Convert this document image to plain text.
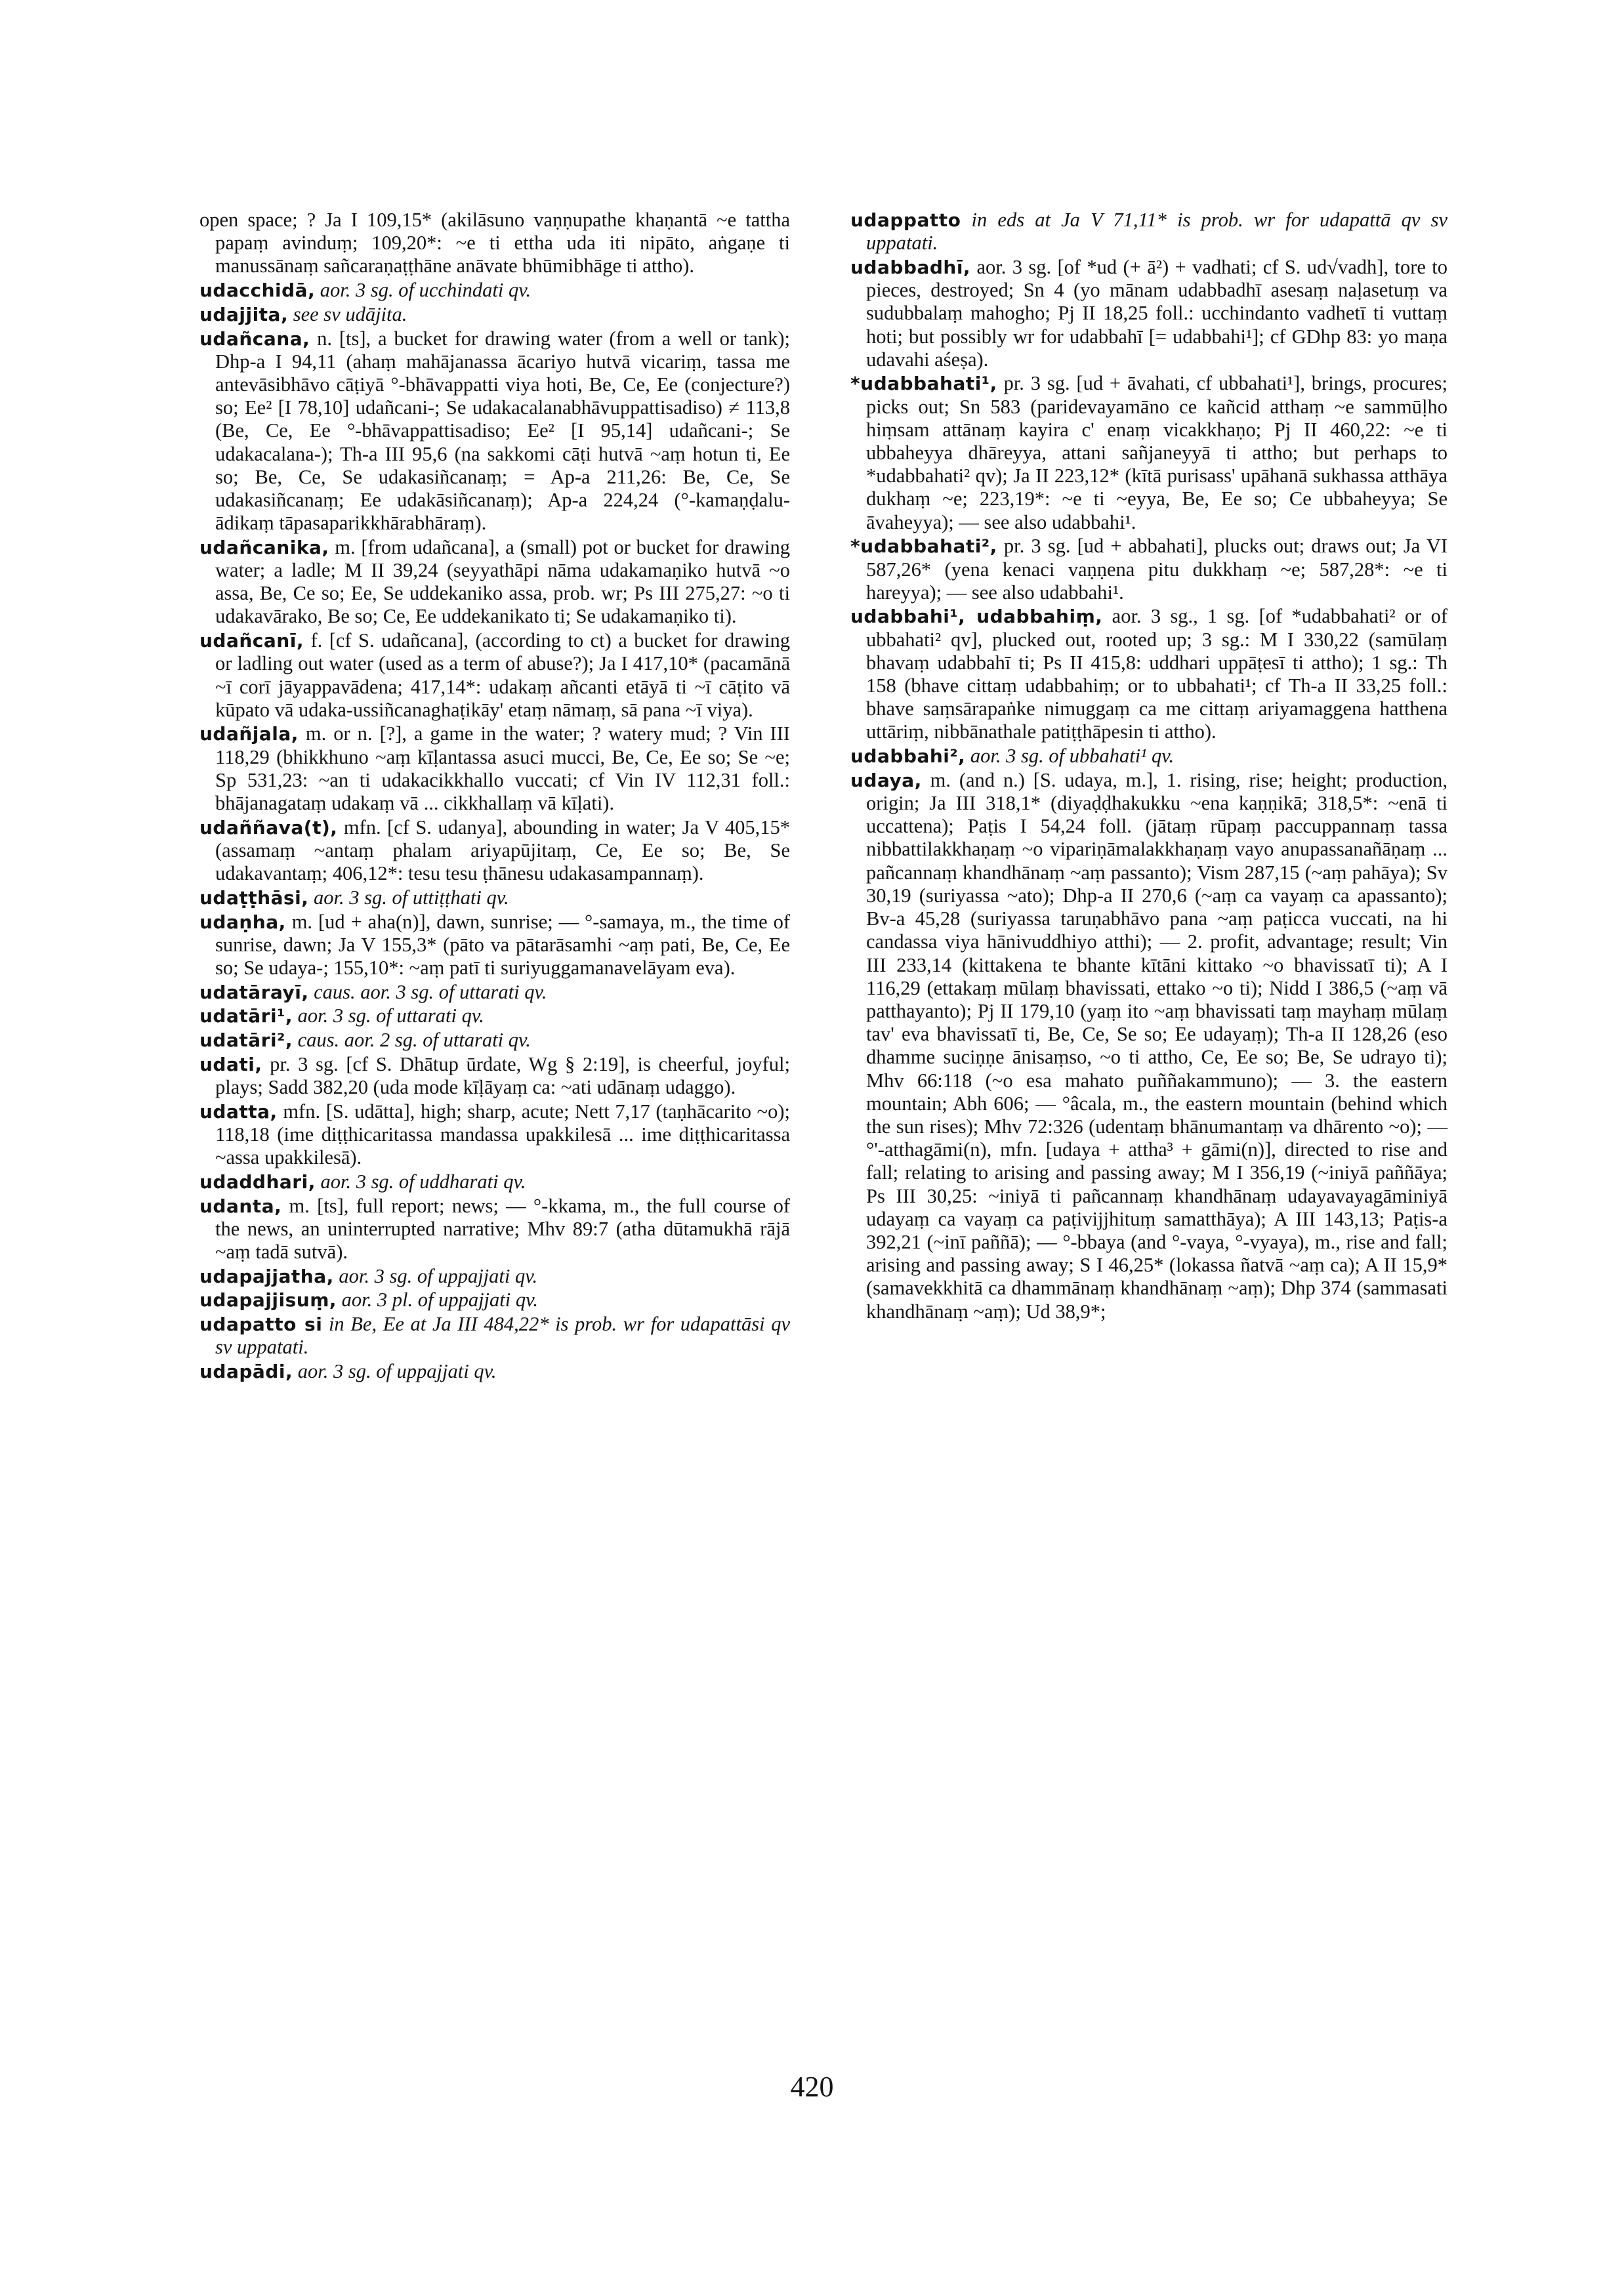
open space; ? Ja I 109,15* (akilāsuno vaṇṇupathe khaṇantā ~e tattha papaṃ avinduṃ; 109,20*: ~e ti ettha uda iti nipāto, aṅgaṇe ti manussānaṃ sañcaraṇaṭṭhāne anāvate bhūmibhāge ti attho).

udacchidā, aor. 3 sg. of ucchindati qv.

udajjita, see sv udājita.

udañcana, n. [ts], a bucket for drawing water (from a well or tank); Dhp-a I 94,11 (ahaṃ mahājanassa ācariyo hutvā vicariṃ, tassa me antevāsibhāvo cāṭiyā °-bhāvappatti viya hoti, Be, Ce, Ee (conjecture?) so; Ee² [I 78,10] udañcani-; Se udakacalanabhāvuppattisadiso) ≠ 113,8 (Be, Ce, Ee °-bhāvappattisadiso; Ee² [I 95,14] udañcani-; Se udakacalana-); Th-a III 95,6 (na sakkomi cāṭi hutvā ~aṃ hotun ti, Ee so; Be, Ce, Se udakasiñcanaṃ; = Ap-a 211,26: Be, Ce, Se udakasiñcanaṃ; Ee udakāsiñcanaṃ); Ap-a 224,24 (°-kamaṇḍalu-ādikaṃ tāpasaparikkhārabhāraṃ).

udañcanika, m. [from udañcana], a (small) pot or bucket for drawing water; a ladle; M II 39,24 (seyyathāpi nāma udakamaṇiko hutvā ~o assa, Be, Ce so; Ee, Se uddekaniko assa, prob. wr; Ps III 275,27: ~o ti udakavārako, Be so; Ce, Ee uddekanikato ti; Se udakamaṇiko ti).

udañcanī, f. [cf S. udañcana], (according to ct) a bucket for drawing or ladling out water (used as a term of abuse?); Ja I 417,10* (pacamānā ~ī corī jāyappavādena; 417,14*: udakaṃ añcanti etāyā ti ~ī cāṭito vā kūpato vā udaka-ussiñcanaghaṭikāy' etaṃ nāmaṃ, sā pana ~ī viya).

udañjala, m. or n. [?], a game in the water; ? watery mud; ? Vin III 118,29 (bhikkhuno ~aṃ kīḷantassa asuci mucci, Be, Ce, Ee so; Se ~e; Sp 531,23: ~an ti udakacikkhallo vuccati; cf Vin IV 112,31 foll.: bhājanagataṃ udakaṃ vā ... cikkhallaṃ vā kīḷati).

udaññava(t), mfn. [cf S. udanya], abounding in water; Ja V 405,15* (assamaṃ ~antaṃ phalam ariyapūjitaṃ, Ce, Ee so; Be, Se udakavantaṃ; 406,12*: tesu tesu ṭhānesu udakasampannaṃ).

udaṭṭhāsi, aor. 3 sg. of uttiṭṭhati qv.

udaṇha, m. [ud + aha(n)], dawn, sunrise; — °-samaya, m., the time of sunrise, dawn; Ja V 155,3* (pāto va pātarāsamhi ~aṃ pati, Be, Ce, Ee so; Se udaya-; 155,10*: ~aṃ patī ti suriyuggamanavelāyam eva).

udatārayī, caus. aor. 3 sg. of uttarati qv.

udatāri¹, aor. 3 sg. of uttarati qv.

udatāri², caus. aor. 2 sg. of uttarati qv.

udati, pr. 3 sg. [cf S. Dhātup ūrdate, Wg § 2:19], is cheerful, joyful; plays; Sadd 382,20 (uda mode kīḷāyaṃ ca: ~ati udānaṃ udaggo).

udatta, mfn. [S. udātta], high; sharp, acute; Nett 7,17 (taṇhācarito ~o); 118,18 (ime diṭṭhicaritassa mandassa upakkilesā ... ime diṭṭhicaritassa ~assa upakkilesā).

udaddhari, aor. 3 sg. of uddharati qv.

udanta, m. [ts], full report; news; — °-kkama, m., the full course of the news, an uninterrupted narrative; Mhv 89:7 (atha dūtamukhā rājā ~aṃ tadā sutvā).

udapajjatha, aor. 3 sg. of uppajjati qv.

udapajjisuṃ, aor. 3 pl. of uppajjati qv.

udapatto si in Be, Ee at Ja III 484,22* is prob. wr for udapattāsi qv sv uppatati.

udapādi, aor. 3 sg. of uppajjati qv.

udappatto in eds at Ja V 71,11* is prob. wr for udapattā qv sv uppatati.

udabbadhī, aor. 3 sg. [of *ud (+ ā²) + vadhati; cf S. ud√vadh], tore to pieces, destroyed; Sn 4 (yo mānam udabbadhī asesaṃ naḷasetuṃ va sudubbalaṃ mahogho; Pj II 18,25 foll.: ucchindanto vadhetī ti vuttaṃ hoti; but possibly wr for udabbahī [= udabbahi¹]; cf GDhp 83: yo maṇa udavahi aśeṣa).

*udabbahati¹, pr. 3 sg. [ud + āvahati, cf ubbahati¹], brings, procures; picks out; Sn 583 (paridevayamāno ce kañcid atthaṃ ~e sammūḷho hiṃsam attānaṃ kayira c' enaṃ vicakkhaṇo; Pj II 460,22: ~e ti ubbaheyya dhāreyya, attani sañjaneyyā ti attho; but perhaps to *udabbahati² qv); Ja II 223,12* (kītā purisass' upāhanā sukhassa atthāya dukhaṃ ~e; 223,19*: ~e ti ~eyya, Be, Ee so; Ce ubbaheyya; Se āvaheyya); — see also udabbahi¹.

*udabbahati², pr. 3 sg. [ud + abbahati], plucks out; draws out; Ja VI 587,26* (yena kenaci vaṇṇena pitu dukkhaṃ ~e; 587,28*: ~e ti hareyya); — see also udabbahi¹.

udabbahi¹, udabbahiṃ, aor. 3 sg., 1 sg. [of *udabbahati² or of ubbahati² qv], plucked out, rooted up; 3 sg.: M I 330,22 (samūlaṃ bhavaṃ udabbahī ti; Ps II 415,8: uddhari uppāṭesī ti attho); 1 sg.: Th 158 (bhave cittaṃ udabbahiṃ; or to ubbahati¹; cf Th-a II 33,25 foll.: bhave saṃsārapaṅke nimuggaṃ ca me cittaṃ ariyamaggena hatthena uttāriṃ, nibbānathale patiṭṭhāpesin ti attho).

udabbahi², aor. 3 sg. of ubbahati¹ qv.

udaya, m. (and n.) [S. udaya, m.], 1. rising, rise; height; production, origin; Ja III 318,1* (diyaḍḍhakukku ~ena kaṇṇikā; 318,5*: ~enā ti uccattena); Paṭis I 54,24 foll. (jātaṃ rūpaṃ paccuppannaṃ tassa nibbattilakkhaṇaṃ ~o vipariṇāmalakkhaṇaṃ vayo anupassanañāṇaṃ ... pañcannaṃ khandhānaṃ ~aṃ passanto); Vism 287,15 (~aṃ pahāya); Sv 30,19 (suriyassa ~ato); Dhp-a II 270,6 (~aṃ ca vayaṃ ca apassanto); Bv-a 45,28 (suriyassa taruṇabhāvo pana ~aṃ paṭicca vuccati, na hi candassa viya hānivuddhiyo atthi); — 2. profit, advantage; result; Vin III 233,14 (kittakena te bhante kītāni kittako ~o bhavissatī ti); A I 116,29 (ettakaṃ mūlaṃ bhavissati, ettako ~o ti); Nidd I 386,5 (~aṃ vā patthayanto); Pj II 179,10 (yaṃ ito ~aṃ bhavissati taṃ mayhaṃ mūlaṃ tav' eva bhavissatī ti, Be, Ce, Se so; Ee udayaṃ); Th-a II 128,26 (eso dhamme suciṇṇe ānisaṃso, ~o ti attho, Ce, Ee so; Be, Se udrayo ti); Mhv 66:118 (~o esa mahato puññakammuno); — 3. the eastern mountain; Abh 606; — °âcala, m., the eastern mountain (behind which the sun rises); Mhv 72:326 (udentaṃ bhānumantaṃ va dhārento ~o); — °'-atthagāmi(n), mfn. [udaya + attha³ + gāmi(n)], directed to rise and fall; relating to arising and passing away; M I 356,19 (~iniyā paññāya; Ps III 30,25: ~iniyā ti pañcannaṃ khandhānaṃ udayavayagāminiyā udayaṃ ca vayaṃ ca paṭivijjhituṃ samatthāya); A III 143,13; Paṭis-a 392,21 (~inī paññā); — °-bbaya (and °-vaya, °-vyaya), m., rise and fall; arising and passing away; S I 46,25* (lokassa ñatvā ~aṃ ca); A II 15,9* (samavekkhitā ca dhammānaṃ khandhānaṃ ~aṃ); Dhp 374 (sammasati khandhānaṃ ~aṃ); Ud 38,9*;

420
